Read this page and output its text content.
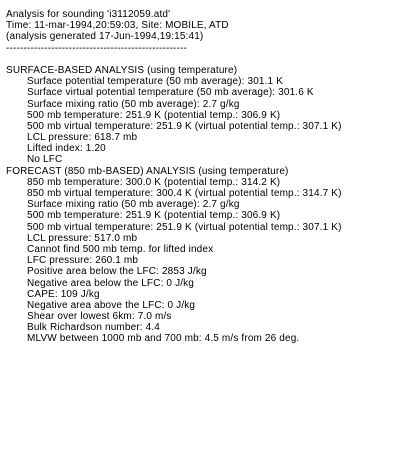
Analysis for sounding 'i3112059.atd'
Time: 11-mar-1994,20:59:03, Site: MOBILE, ATD
(analysis generated 17-Jun-1994,19:15:41)
----------------------------------------------------
SURFACE-BASED ANALYSIS (using temperature)
Surface potential temperature (50 mb average): 301.1 K
Surface virtual potential temperature (50 mb average): 301.6 K
Surface mixing ratio (50 mb average): 2.7 g/kg
500 mb temperature: 251.9 K (potential temp.: 306.9 K)
500 mb virtual temperature: 251.9 K (virtual potential temp.: 307.1 K)
LCL pressure: 618.7 mb
Lifted index: 1.20
No LFC
FORECAST (850 mb-BASED) ANALYSIS (using temperature)
850 mb temperature: 300.0 K (potential temp.: 314.2 K)
850 mb virtual temperature: 300.4 K (virtual potential temp.: 314.7 K)
Surface mixing ratio (50 mb average): 2.7 g/kg
500 mb temperature: 251.9 K (potential temp.: 306.9 K)
500 mb virtual temperature: 251.9 K (virtual potential temp.: 307.1 K)
LCL pressure: 517.0 mb
Cannot find 500 mb temp. for lifted index
LFC pressure: 260.1 mb
Positive area below the LFC: 2853 J/kg
Negative area below the LFC: 0 J/kg
CAPE: 109 J/kg
Negative area above the LFC: 0 J/kg
Shear over lowest 6km: 7.0 m/s
Bulk Richardson number: 4.4
MLVW between 1000 mb and 700 mb: 4.5 m/s from 26 deg.
